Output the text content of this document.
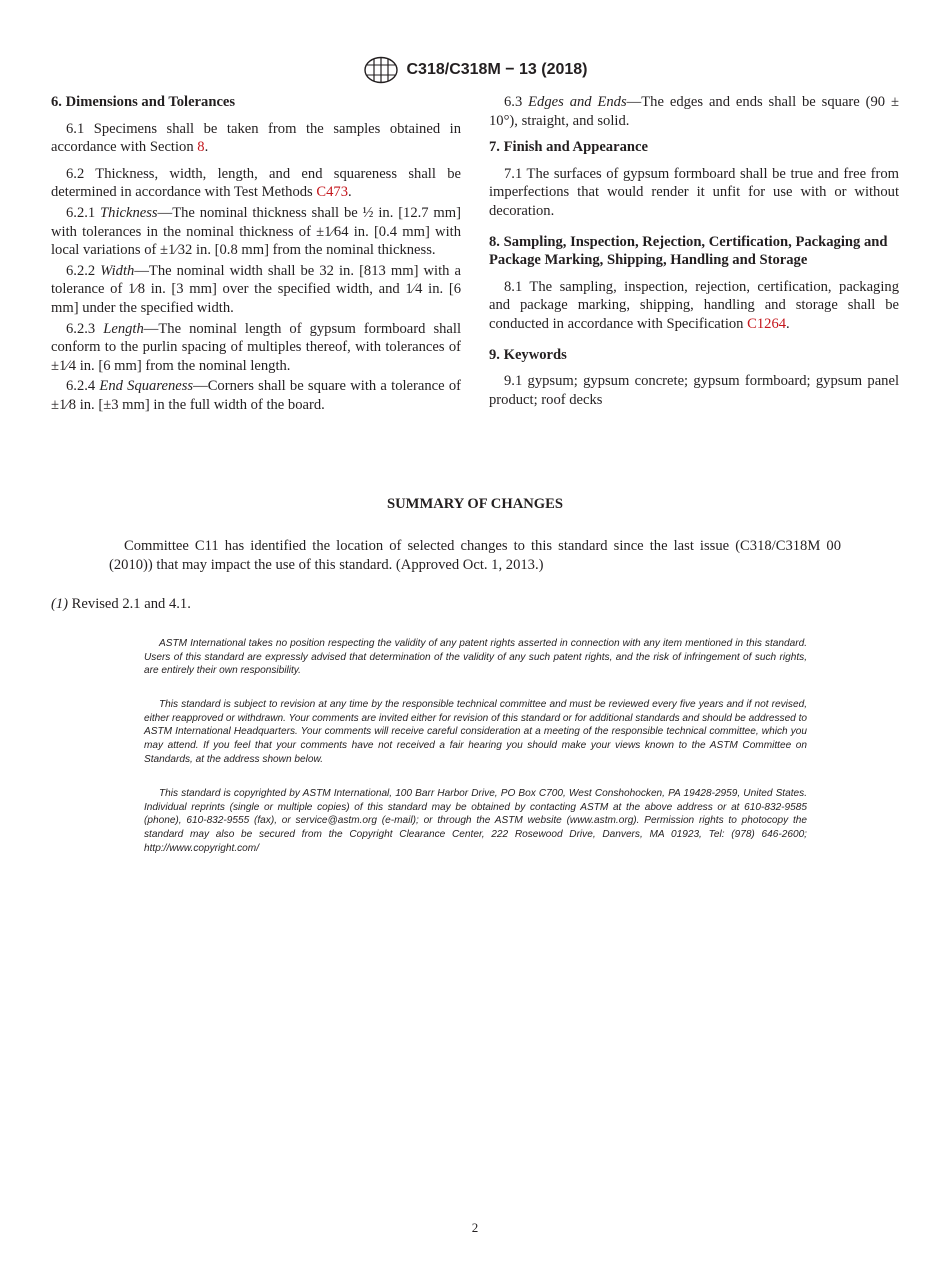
C318/C318M − 13 (2018)
6. Dimensions and Tolerances

6.1 Specimens shall be taken from the samples obtained in accordance with Section 8.

6.2 Thickness, width, length, and end squareness shall be determined in accordance with Test Methods C473.

6.2.1 Thickness—The nominal thickness shall be ½ in. [12.7 mm] with tolerances in the nominal thickness of ±1⁄64 in. [0.4 mm] with local variations of ±1⁄32 in. [0.8 mm] from the nominal thickness.

6.2.2 Width—The nominal width shall be 32 in. [813 mm] with a tolerance of 1⁄8 in. [3 mm] over the specified width, and 1⁄4 in. [6 mm] under the specified width.

6.2.3 Length—The nominal length of gypsum formboard shall conform to the purlin spacing of multiples thereof, with tolerances of ±1⁄4 in. [6 mm] from the nominal length.

6.2.4 End Squareness—Corners shall be square with a tolerance of ±1⁄8 in. [±3 mm] in the full width of the board.

6.3 Edges and Ends—The edges and ends shall be square (90 ± 10°), straight, and solid.

7. Finish and Appearance

7.1 The surfaces of gypsum formboard shall be true and free from imperfections that would render it unfit for use with or without decoration.

8. Sampling, Inspection, Rejection, Certification, Packaging and Package Marking, Shipping, Handling and Storage

8.1 The sampling, inspection, rejection, certification, packaging and package marking, shipping, handling and storage shall be conducted in accordance with Specification C1264.

9. Keywords

9.1 gypsum; gypsum concrete; gypsum formboard; gypsum panel product; roof decks

SUMMARY OF CHANGES

Committee C11 has identified the location of selected changes to this standard since the last issue (C318/C318M 00 (2010)) that may impact the use of this standard. (Approved Oct. 1, 2013.)

(1) Revised 2.1 and 4.1.

ASTM International takes no position respecting the validity of any patent rights asserted in connection with any item mentioned in this standard. Users of this standard are expressly advised that determination of the validity of any such patent rights, and the risk of infringement of such rights, are entirely their own responsibility.

This standard is subject to revision at any time by the responsible technical committee and must be reviewed every five years and if not revised, either reapproved or withdrawn. Your comments are invited either for revision of this standard or for additional standards and should be addressed to ASTM International Headquarters. Your comments will receive careful consideration at a meeting of the responsible technical committee, which you may attend. If you feel that your comments have not received a fair hearing you should make your views known to the ASTM Committee on Standards, at the address shown below.

This standard is copyrighted by ASTM International, 100 Barr Harbor Drive, PO Box C700, West Conshohocken, PA 19428-2959, United States. Individual reprints (single or multiple copies) of this standard may be obtained by contacting ASTM at the above address or at 610-832-9585 (phone), 610-832-9555 (fax), or service@astm.org (e-mail); or through the ASTM website (www.astm.org). Permission rights to photocopy the standard may also be secured from the Copyright Clearance Center, 222 Rosewood Drive, Danvers, MA 01923, Tel: (978) 646-2600; http://www.copyright.com/

2
